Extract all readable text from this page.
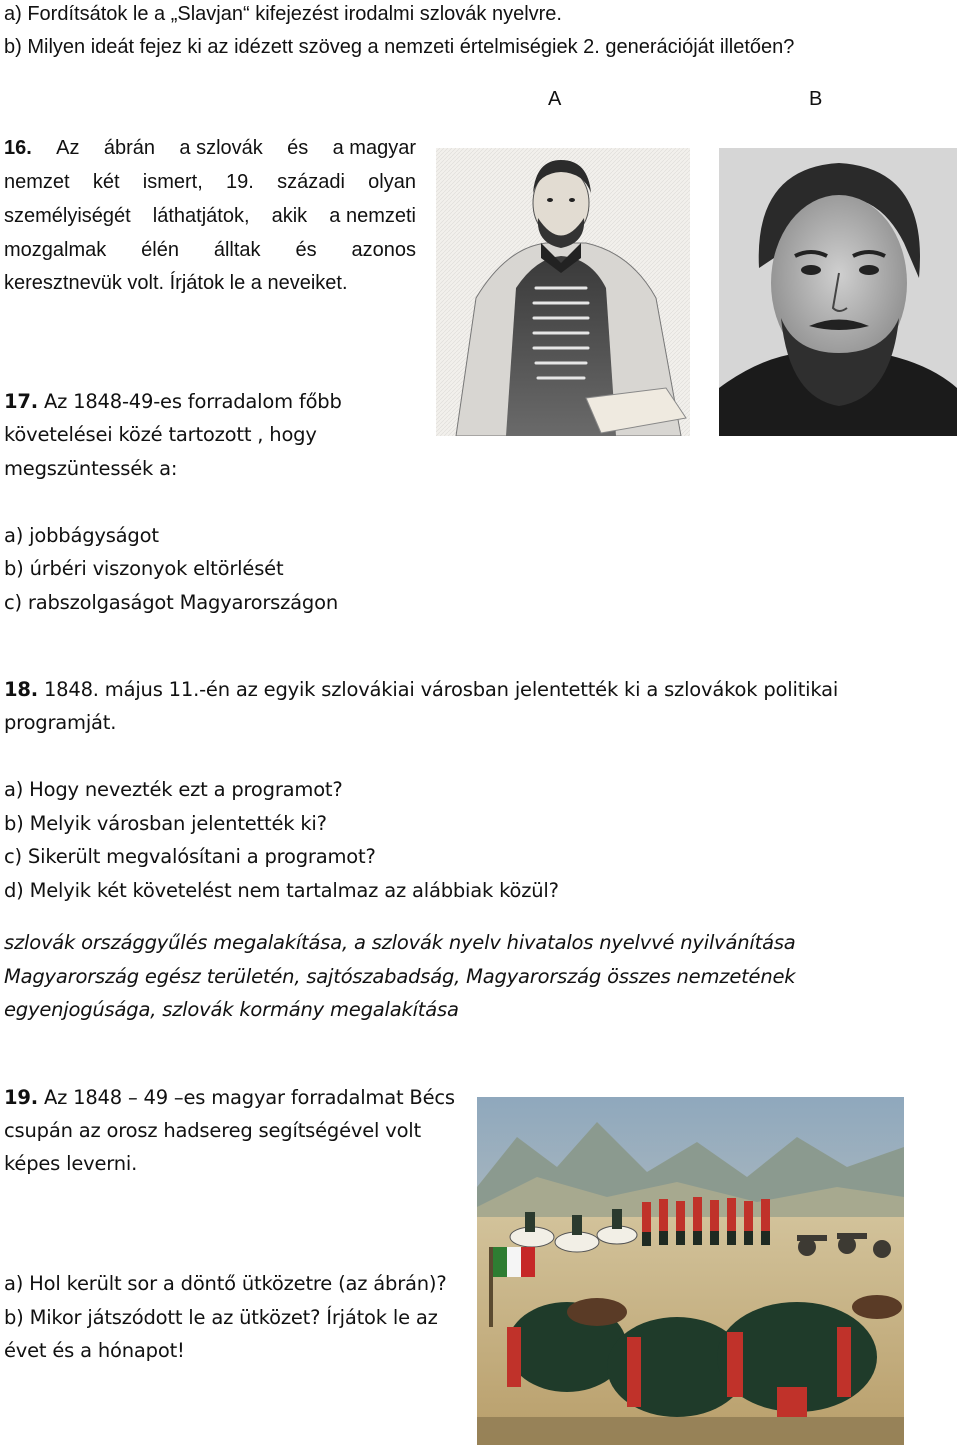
a) Fordítsátok le a „Slavjan“ kifejezést irodalmi szlovák nyelvre.
b) Milyen ideát fejez ki az idézett szöveg a nemzeti értelmiségiek 2. generációját illetően?
16. Az ábrán a szlovák és a magyar
nemzet két ismert, 19. századi olyan
személyiségét láthatjátok, akik a nemzeti
mozgalmak élén álltak és azonos
keresztnevük volt. Írjátok le a neveiket.
A	B
17. Az 1848-49-es forradalom főbb
követelései közé tartozott , hogy
megszüntessék a:
a) jobbágyságot
b) úrbéri viszonyok eltörlését
c) rabszolgaságot Magyarországon
18. 1848. május 11.-én az egyik szlovákiai városban jelentették ki a szlovákok politikai
programját.
a) Hogy nevezték ezt a programot?
b) Melyik városban jelentették ki?
c) Sikerült megvalósítani a programot?
d) Melyik két követelést nem tartalmaz az alábbiak közül?
szlovák országgyűlés megalakítása, a szlovák nyelv hivatalos nyelvvé nyilvánítása
Magyarország egész területén, sajtószabadság, Magyarország összes nemzetének
egyenjogúsága, szlovák kormány megalakítása
19. Az 1848 – 49 –es magyar forradalmat Bécs
csupán az orosz hadsereg segítségével volt
képes leverni.
a) Hol került sor a döntő ütközetre (az ábrán)?
b) Mikor játszódott le az ütközet? Írjátok le az
évet és a hónapot!
